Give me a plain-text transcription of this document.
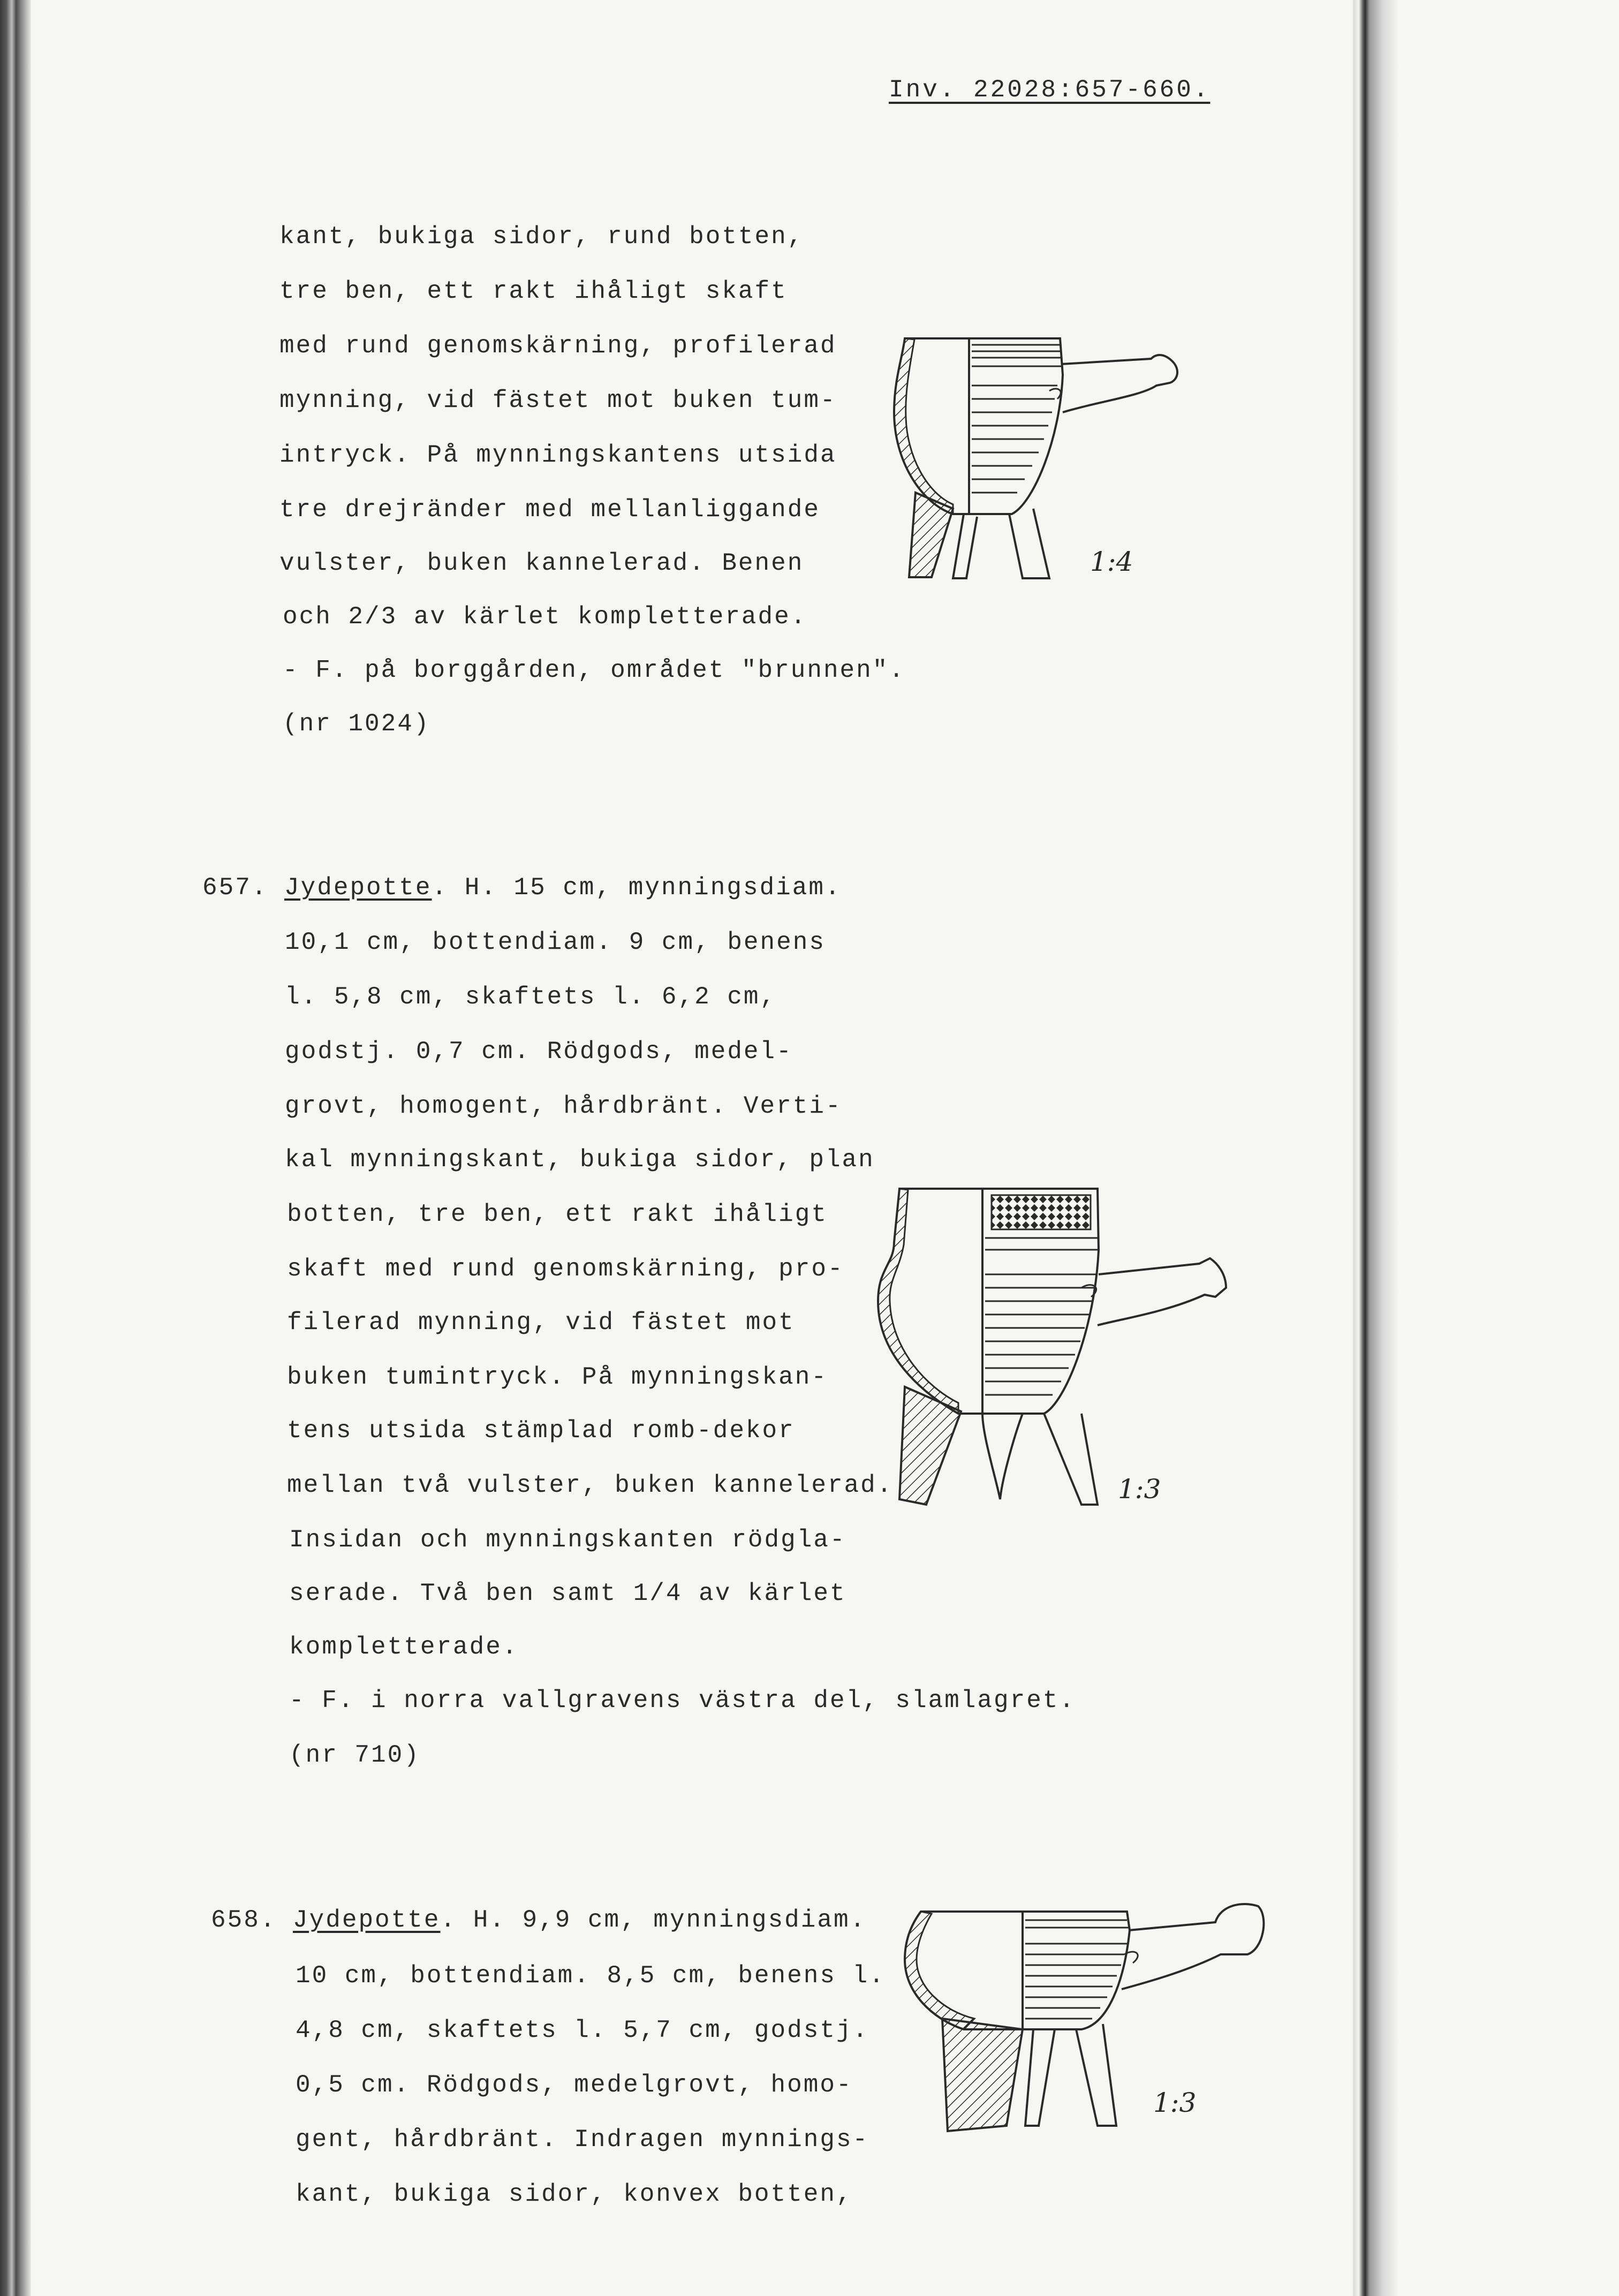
Inv. 22028:657-660.
kant, bukiga sidor, rund botten,
tre ben, ett rakt ihåligt skaft
med rund genomskärning, profilerad
mynning, vid fästet mot buken tum-
intryck. På mynningskantens utsida
tre drejränder med mellanliggande
vulster, buken kannelerad. Benen
och 2/3 av kärlet kompletterade.
- F. på borggården, området "brunnen".
(nr 1024)
1:4
657. Jydepotte. H. 15 cm, mynningsdiam.
10,1 cm, bottendiam. 9 cm, benens
l. 5,8 cm, skaftets l. 6,2 cm,
godstj. 0,7 cm. Rödgods, medel-
grovt, homogent, hårdbränt. Verti-
kal mynningskant, bukiga sidor, plan
botten, tre ben, ett rakt ihåligt
skaft med rund genomskärning, pro-
filerad mynning, vid fästet mot
buken tumintryck. På mynningskan-
tens utsida stämplad romb-dekor
mellan två vulster, buken kannelerad.
Insidan och mynningskanten rödgla-
serade. Två ben samt 1/4 av kärlet
kompletterade.
- F. i norra vallgravens västra del, slamlagret.
(nr 710)
1:3
658. Jydepotte. H. 9,9 cm, mynningsdiam.
10 cm, bottendiam. 8,5 cm, benens l.
4,8 cm, skaftets l. 5,7 cm, godstj.
0,5 cm. Rödgods, medelgrovt, homo-
gent, hårdbränt. Indragen mynnings-
kant, bukiga sidor, konvex botten,
1:3
